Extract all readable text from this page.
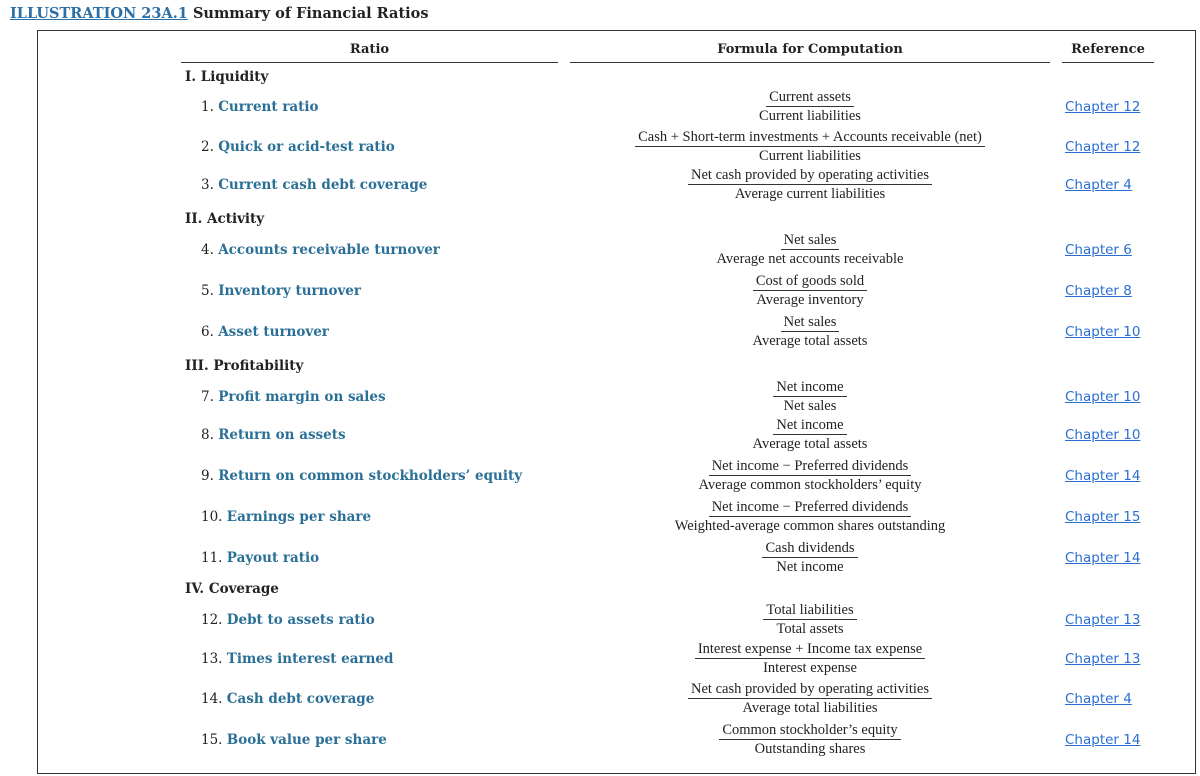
ILLUSTRATION 23A.1 Summary of Financial Ratios
Ratio	Formula for Computation	Reference
I. Liquidity
1. Current ratio
Current assets
Current liabilities
Chapter 12
2. Quick or acid-test ratio
Cash + Short-term investments + Accounts receivable (net)
Current liabilities
Chapter 12
3. Current cash debt coverage
Net cash provided by operating activities
Average current liabilities
Chapter 4
II. Activity
4. Accounts receivable turnover
Net sales
Average net accounts receivable
Chapter 6
5. Inventory turnover
Cost of goods sold
Average inventory
Chapter 8
6. Asset turnover
Net sales
Average total assets
Chapter 10
III. Profitability
7. Profit margin on sales
Net income
Net sales
Chapter 10
8. Return on assets
Net income
Average total assets
Chapter 10
9. Return on common stockholders’ equity
Net income − Preferred dividends
Average common stockholders’ equity
Chapter 14
10. Earnings per share
Net income − Preferred dividends
Weighted-average common shares outstanding
Chapter 15
11. Payout ratio
Cash dividends
Net income
Chapter 14
IV. Coverage
12. Debt to assets ratio
Total liabilities
Total assets
Chapter 13
13. Times interest earned
Interest expense + Income tax expense
Interest expense
Chapter 13
14. Cash debt coverage
Net cash provided by operating activities
Average total liabilities
Chapter 4
15. Book value per share
Common stockholder’s equity
Outstanding shares
Chapter 14
